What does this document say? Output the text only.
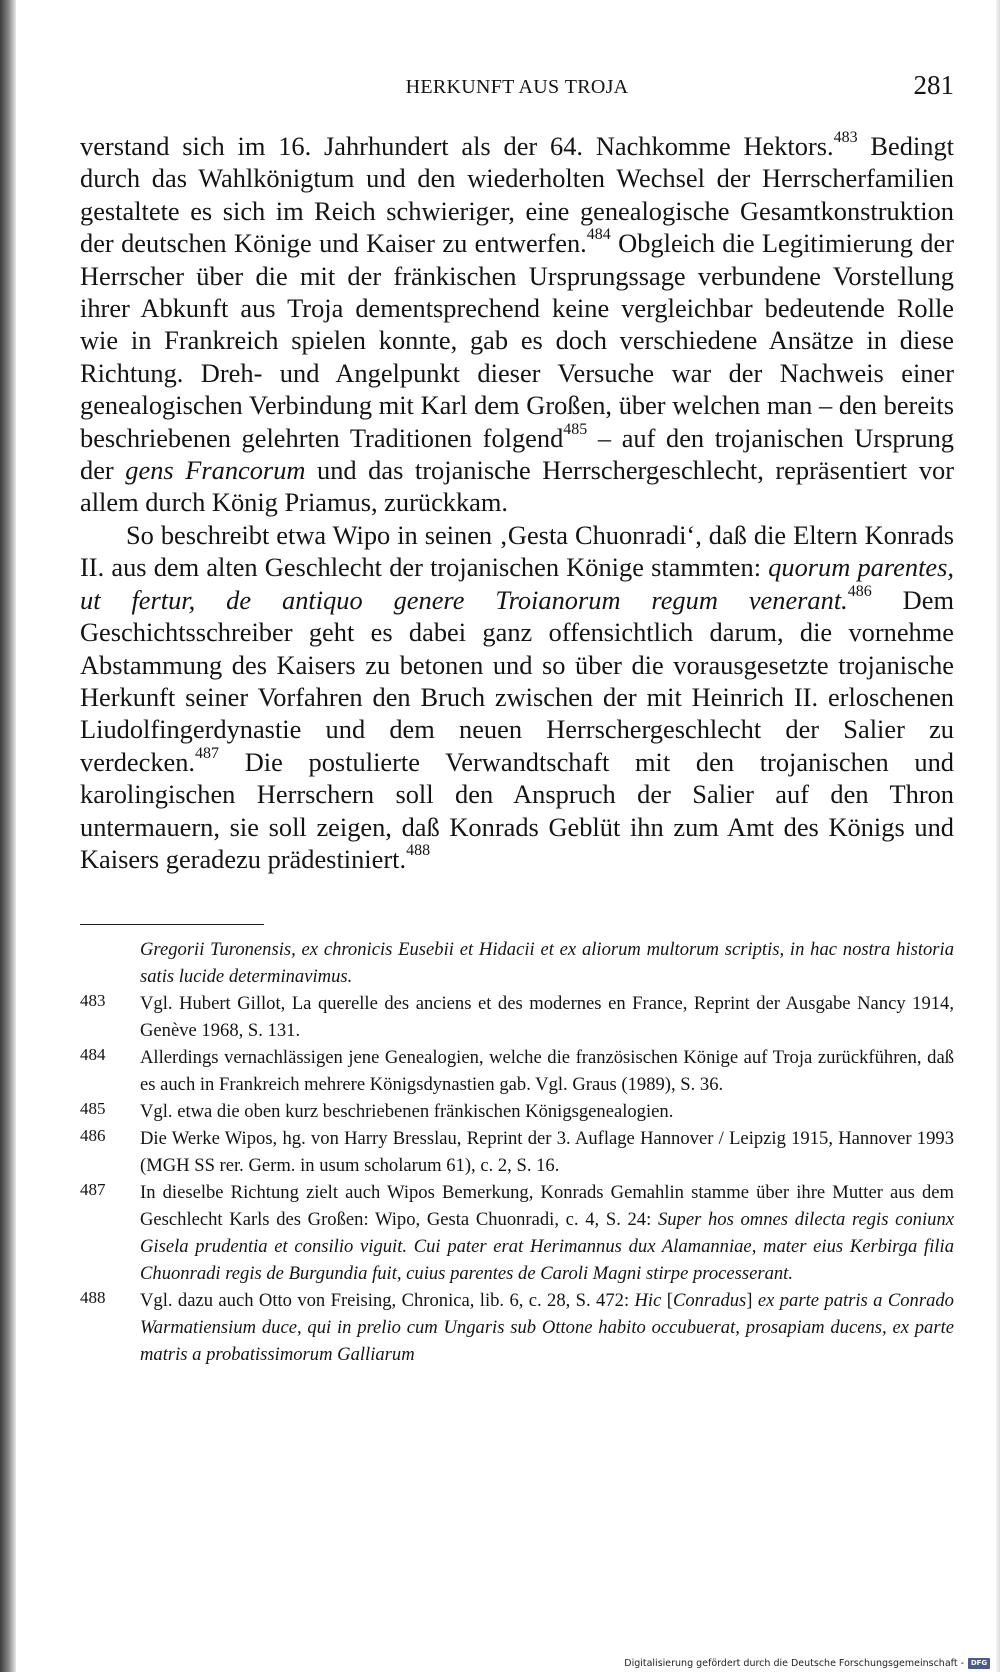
HERKUNFT AUS TROJA	281

verstand sich im 16. Jahrhundert als der 64. Nachkomme Hektors.$^{483}$ Bedingt durch das Wahlkönigtum und den wiederholten Wechsel der Herrscherfamilien gestaltete es sich im Reich schwieriger, eine genealogische Gesamtkonstruktion der deutschen Könige und Kaiser zu entwerfen.$^{484}$ Obgleich die Legitimierung der Herrscher über die mit der fränkischen Ursprungssage verbundene Vorstellung ihrer Abkunft aus Troja dementsprechend keine vergleichbar bedeutende Rolle wie in Frankreich spielen konnte, gab es doch verschiedene Ansätze in diese Richtung. Dreh- und Angelpunkt dieser Versuche war der Nachweis einer genealogischen Verbindung mit Karl dem Großen, über welchen man – den bereits beschriebenen gelehrten Traditionen folgend$^{485}$ – auf den trojanischen Ursprung der gens Francorum und das trojanische Herrschergeschlecht, repräsentiert vor allem durch König Priamus, zurückkam.

So beschreibt etwa Wipo in seinen ‚Gesta Chuonradi‘, daß die Eltern Konrads II. aus dem alten Geschlecht der trojanischen Könige stammten: quorum parentes, ut fertur, de antiquo genere Troianorum regum venerant.$^{486}$ Dem Geschichtsschreiber geht es dabei ganz offensichtlich darum, die vornehme Abstammung des Kaisers zu betonen und so über die vorausgesetzte trojanische Herkunft seiner Vorfahren den Bruch zwischen der mit Heinrich II. erloschenen Liudolfingerdynastie und dem neuen Herrschergeschlecht der Salier zu verdecken.$^{487}$ Die postulierte Verwandtschaft mit den trojanischen und karolingischen Herrschern soll den Anspruch der Salier auf den Thron untermauern, sie soll zeigen, daß Konrads Geblüt ihn zum Amt des Königs und Kaisers geradezu prädestiniert.$^{488}$

Gregorii Turonensis, ex chronicis Eusebii et Hidacii et ex aliorum multorum scriptis, in hac nostra historia satis lucide determinavimus.

483 Vgl. Hubert Gillot, La querelle des anciens et des modernes en France, Reprint der Ausgabe Nancy 1914, Genève 1968, S. 131.

484 Allerdings vernachlässigen jene Genealogien, welche die französischen Könige auf Troja zurückführen, daß es auch in Frankreich mehrere Königsdynastien gab. Vgl. Graus (1989), S. 36.

485 Vgl. etwa die oben kurz beschriebenen fränkischen Königsgenealogien.

486 Die Werke Wipos, hg. von Harry Bresslau, Reprint der 3. Auflage Hannover / Leipzig 1915, Hannover 1993 (MGH SS rer. Germ. in usum scholarum 61), c. 2, S. 16.

487 In dieselbe Richtung zielt auch Wipos Bemerkung, Konrads Gemahlin stamme über ihre Mutter aus dem Geschlecht Karls des Großen: Wipo, Gesta Chuonradi, c. 4, S. 24: Super hos omnes dilecta regis coniunx Gisela prudentia et consilio viguit. Cui pater erat Herimannus dux Alamanniae, mater eius Kerbirga filia Chuonradi regis de Burgundia fuit, cuius parentes de Caroli Magni stirpe processerant.

488 Vgl. dazu auch Otto von Freising, Chronica, lib. 6, c. 28, S. 472: Hic [Conradus] ex parte patris a Conrado Warmatiensium duce, qui in prelio cum Ungaris sub Ottone habito occubuerat, prosapiam ducens, ex parte matris a probatissimorum Galliarum

Digitalisierung gefördert durch die Deutsche Forschungsgemeinschaft - DFG
